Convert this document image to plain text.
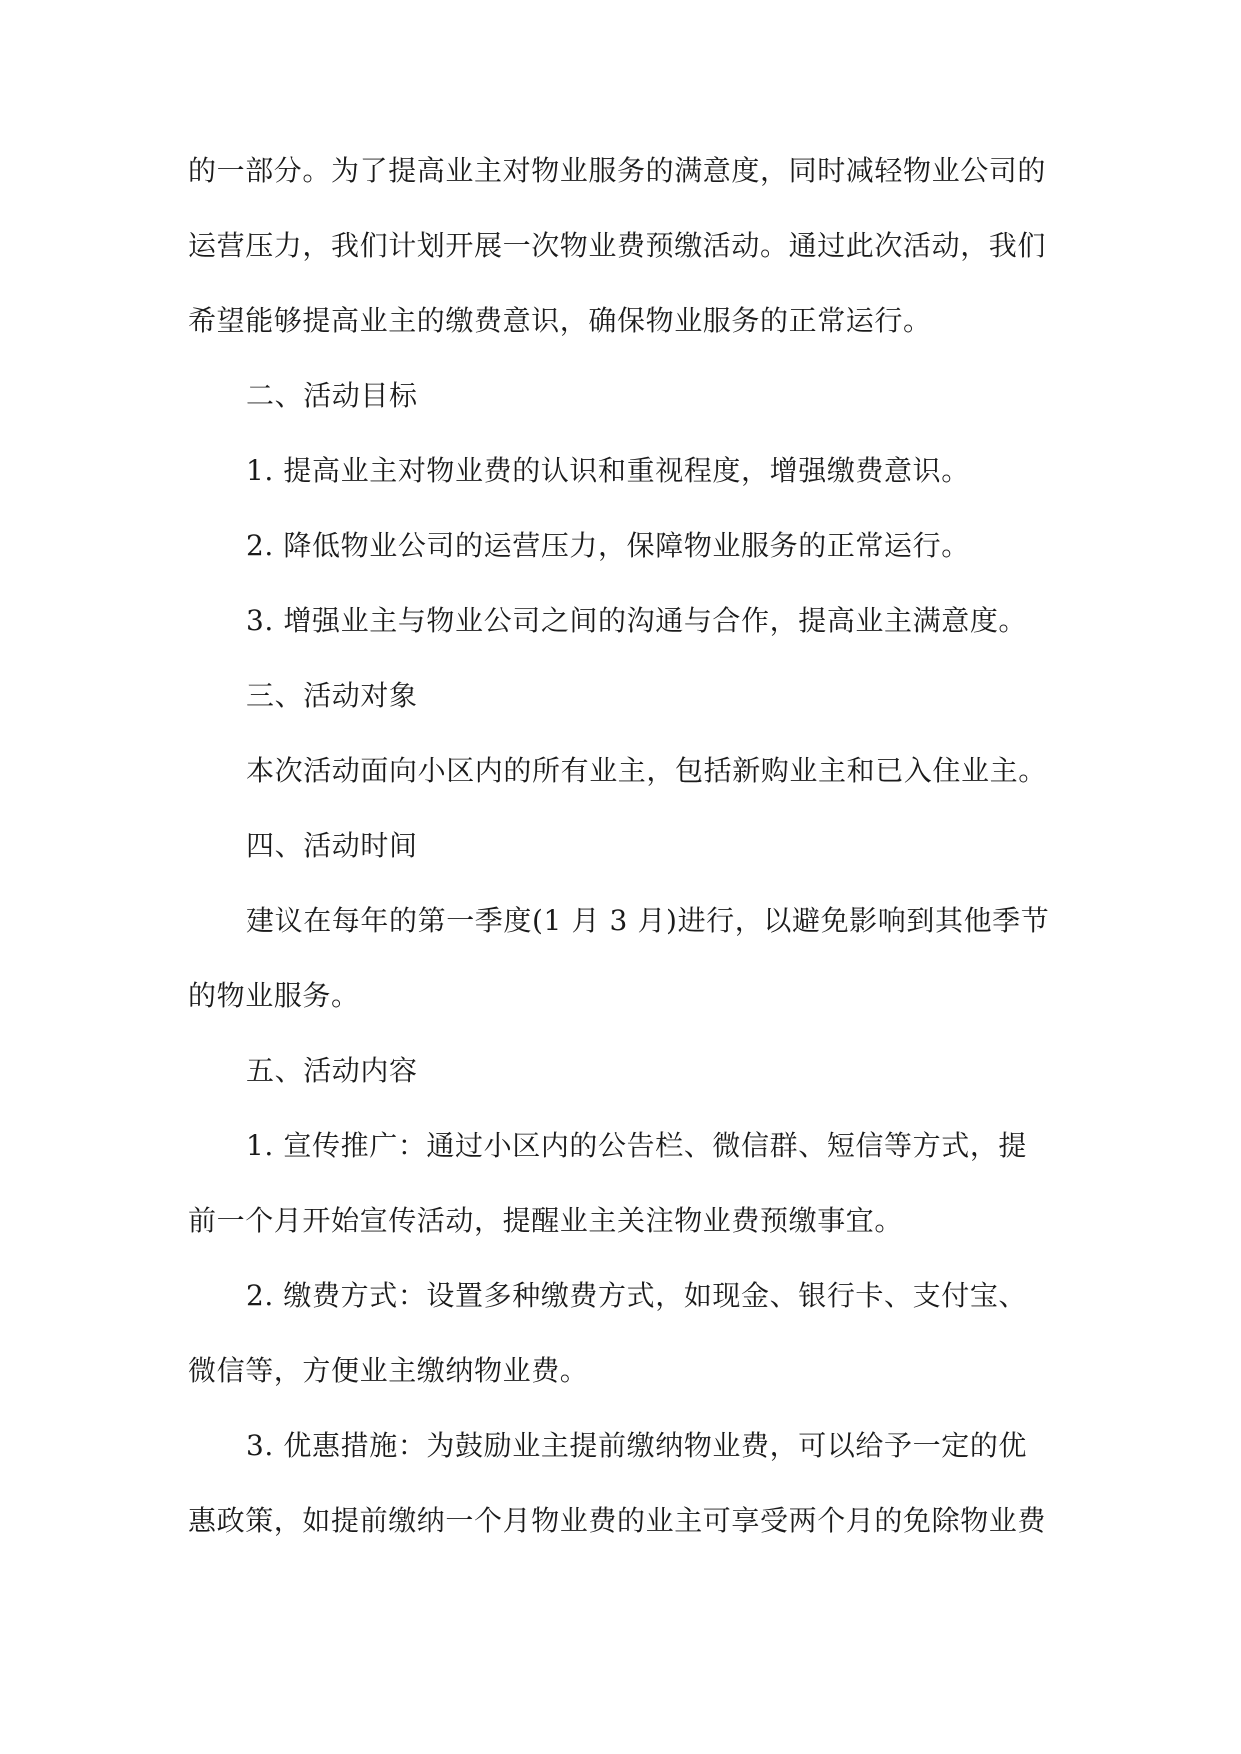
的一部分。为了提高业主对物业服务的满意度，同时减轻物业公司的
运营压力，我们计划开展一次物业费预缴活动。通过此次活动，我们
希望能够提高业主的缴费意识，确保物业服务的正常运行。
二、活动目标
1. 提高业主对物业费的认识和重视程度，增强缴费意识。
2. 降低物业公司的运营压力，保障物业服务的正常运行。
3. 增强业主与物业公司之间的沟通与合作，提高业主满意度。
三、活动对象
本次活动面向小区内的所有业主，包括新购业主和已入住业主。
四、活动时间
建议在每年的第一季度(1 月 3 月)进行，以避免影响到其他季节
的物业服务。
五、活动内容
1. 宣传推广：通过小区内的公告栏、微信群、短信等方式，提
前一个月开始宣传活动，提醒业主关注物业费预缴事宜。
2. 缴费方式：设置多种缴费方式，如现金、银行卡、支付宝、
微信等，方便业主缴纳物业费。
3. 优惠措施：为鼓励业主提前缴纳物业费，可以给予一定的优
惠政策，如提前缴纳一个月物业费的业主可享受两个月的免除物业费
